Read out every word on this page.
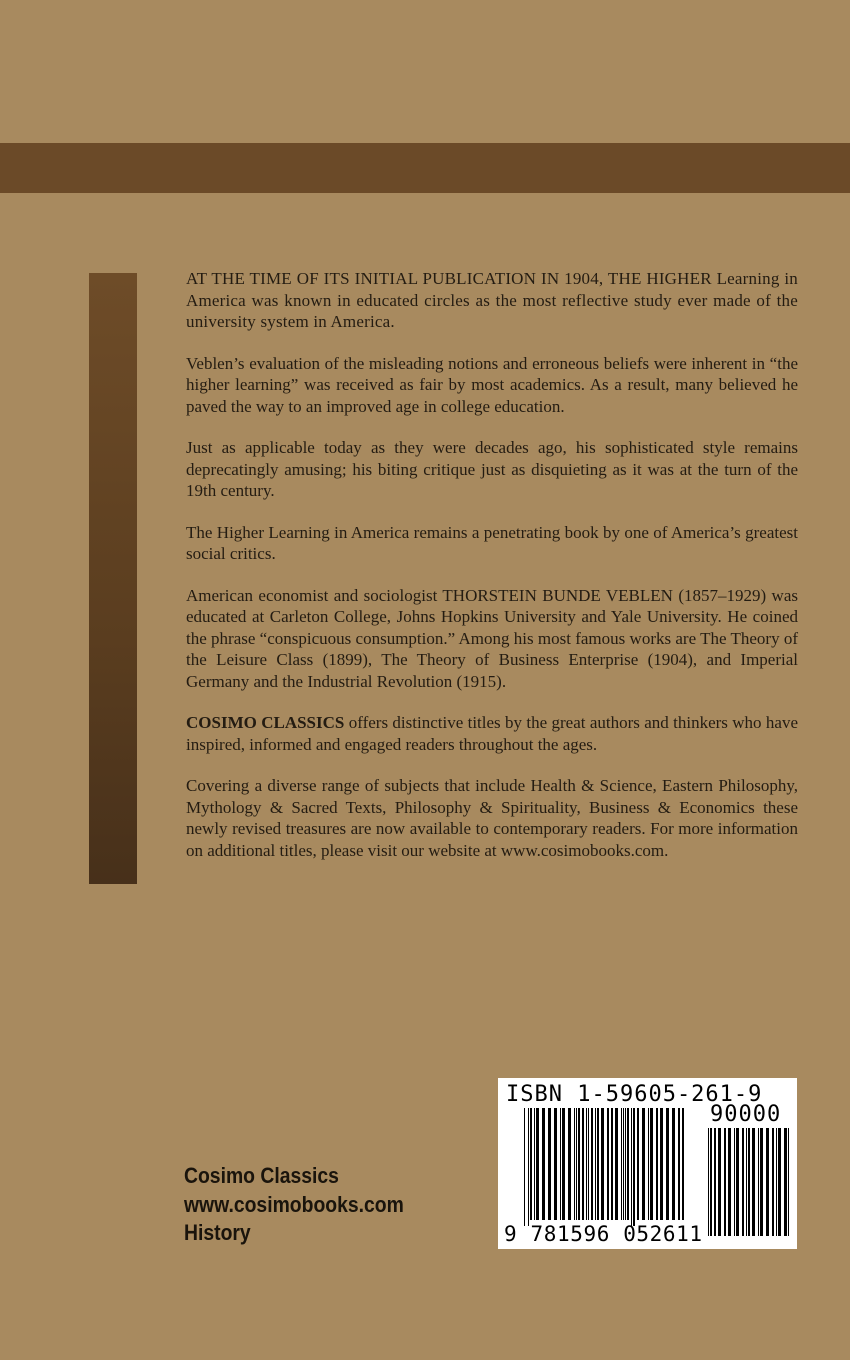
AT THE TIME OF ITS INITIAL PUBLICATION IN 1904, THE HIGHER Learning in America was known in educated circles as the most reflective study ever made of the university system in America.

Veblen’s evaluation of the misleading notions and erroneous beliefs were inherent in “the higher learning” was received as fair by most academics. As a result, many believed he paved the way to an improved age in college education.

Just as applicable today as they were decades ago, his sophisticated style remains deprecatingly amusing; his biting critique just as disquieting as it was at the turn of the 19th century.

The Higher Learning in America remains a penetrating book by one of America’s greatest social critics.

American economist and sociologist THORSTEIN BUNDE VEBLEN (1857–1929) was educated at Carleton College, Johns Hopkins University and Yale University. He coined the phrase “conspicuous consumption.” Among his most famous works are The Theory of the Leisure Class (1899), The Theory of Business Enterprise (1904), and Imperial Germany and the Industrial Revolution (1915).

COSIMO CLASSICS offers distinctive titles by the great authors and thinkers who have inspired, informed and engaged readers throughout the ages.

Covering a diverse range of subjects that include Health & Science, Eastern Philosophy, Mythology & Sacred Texts, Philosophy & Spirituality, Business & Economics these newly revised treasures are now available to contemporary readers. For more information on additional titles, please visit our website at www.cosimobooks.com.

Cosimo Classics
www.cosimobooks.com
History
ISBN 1-59605-261-9
90000
9 781596 052611
